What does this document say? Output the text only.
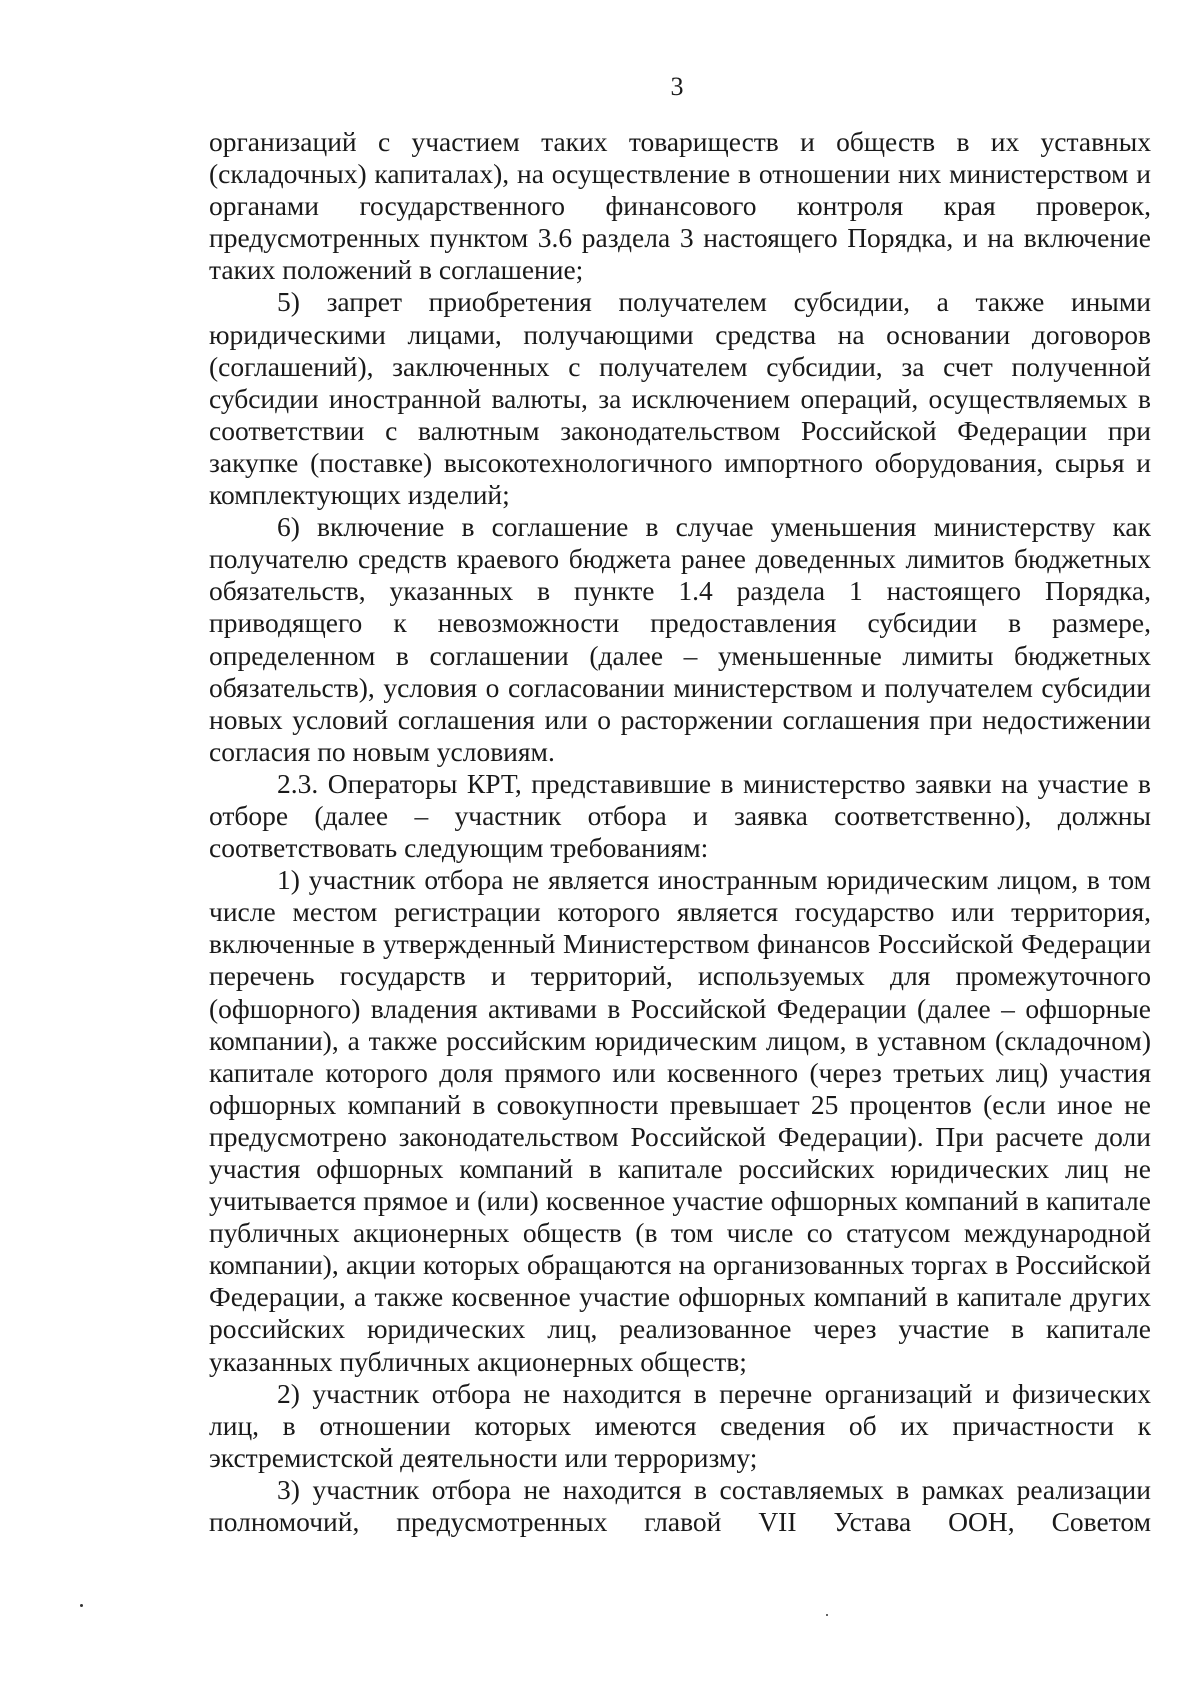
3

организаций с участием таких товариществ и обществ в их уставных (складочных) капиталах), на осуществление в отношении них министерством и органами государственного финансового контроля края проверок, предусмотренных пунктом 3.6 раздела 3 настоящего Порядка, и на включение таких положений в соглашение;

5) запрет приобретения получателем субсидии, а также иными юридическими лицами, получающими средства на основании договоров (соглашений), заключенных с получателем субсидии, за счет полученной субсидии иностранной валюты, за исключением операций, осуществляемых в соответствии с валютным законодательством Российской Федерации при закупке (поставке) высокотехнологичного импортного оборудования, сырья и комплектующих изделий;

6) включение в соглашение в случае уменьшения министерству как получателю средств краевого бюджета ранее доведенных лимитов бюджетных обязательств, указанных в пункте 1.4 раздела 1 настоящего Порядка, приводящего к невозможности предоставления субсидии в размере, определенном в соглашении (далее – уменьшенные лимиты бюджетных обязательств), условия о согласовании министерством и получателем субсидии новых условий соглашения или о расторжении соглашения при недостижении согласия по новым условиям.

2.3. Операторы КРТ, представившие в министерство заявки на участие в отборе (далее – участник отбора и заявка соответственно), должны соответствовать следующим требованиям:

1) участник отбора не является иностранным юридическим лицом, в том числе местом регистрации которого является государство или территория, включенные в утвержденный Министерством финансов Российской Федерации перечень государств и территорий, используемых для промежуточного (офшорного) владения активами в Российской Федерации (далее – офшорные компании), а также российским юридическим лицом, в уставном (складочном) капитале которого доля прямого или косвенного (через третьих лиц) участия офшорных компаний в совокупности превышает 25 процентов (если иное не предусмотрено законодательством Российской Федерации). При расчете доли участия офшорных компаний в капитале российских юридических лиц не учитывается прямое и (или) косвенное участие офшорных компаний в капитале публичных акционерных обществ (в том числе со статусом международной компании), акции которых обращаются на организованных торгах в Российской Федерации, а также косвенное участие офшорных компаний в капитале других российских юридических лиц, реализованное через участие в капитале указанных публичных акционерных обществ;

2) участник отбора не находится в перечне организаций и физических лиц, в отношении которых имеются сведения об их причастности к экстремистской деятельности или терроризму;

3) участник отбора не находится в составляемых в рамках реализации полномочий, предусмотренных главой VII Устава ООН, Советом
